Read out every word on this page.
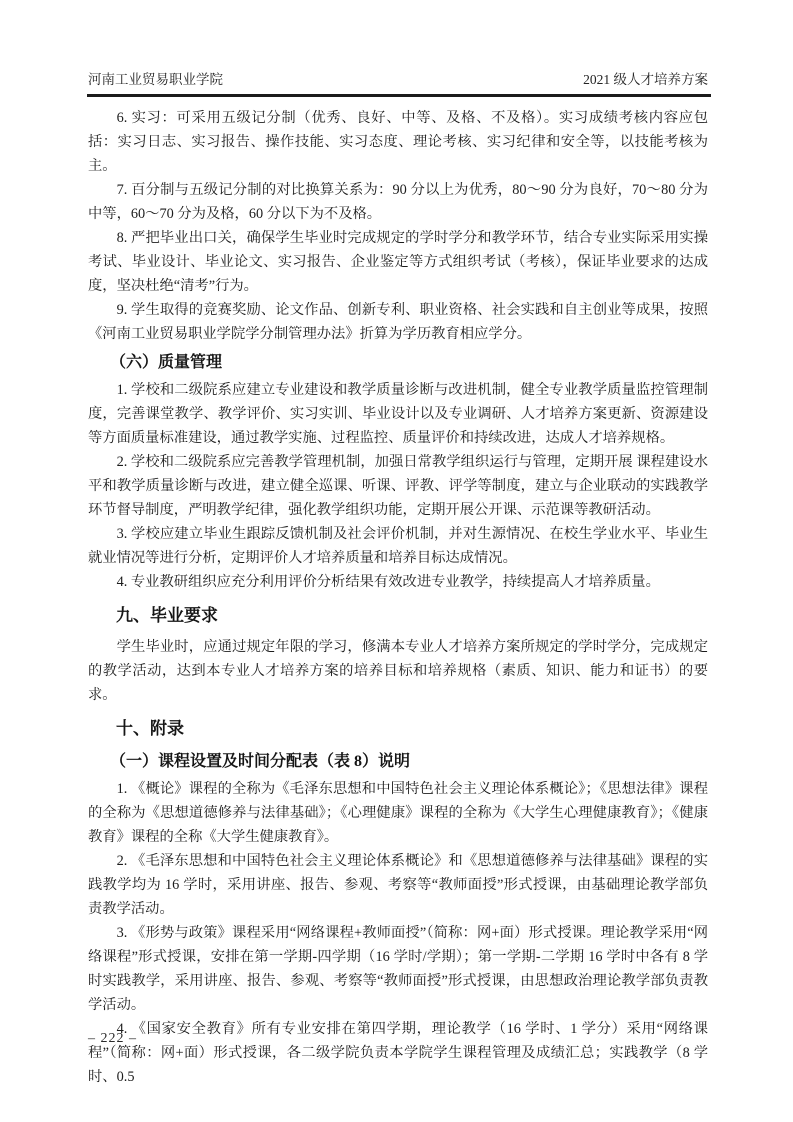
河南工业贸易职业学院	2021 级人才培养方案

6. 实习：可采用五级记分制（优秀、良好、中等、及格、不及格）。实习成绩考核内容应包括：实习日志、实习报告、操作技能、实习态度、理论考核、实习纪律和安全等，以技能考核为主。

7. 百分制与五级记分制的对比换算关系为：90 分以上为优秀，80～90 分为良好，70～80 分为中等，60～70 分为及格，60 分以下为不及格。

8. 严把毕业出口关，确保学生毕业时完成规定的学时学分和教学环节，结合专业实际采用实操考试、毕业设计、毕业论文、实习报告、企业鉴定等方式组织考试（考核），保证毕业要求的达成度，坚决杜绝“清考”行为。

9. 学生取得的竞赛奖励、论文作品、创新专利、职业资格、社会实践和自主创业等成果，按照《河南工业贸易职业学院学分制管理办法》折算为学历教育相应学分。

（六）质量管理

1. 学校和二级院系应建立专业建设和教学质量诊断与改进机制，健全专业教学质量监控管理制度，完善课堂教学、教学评价、实习实训、毕业设计以及专业调研、人才培养方案更新、资源建设等方面质量标准建设，通过教学实施、过程监控、质量评价和持续改进，达成人才培养规格。

2. 学校和二级院系应完善教学管理机制，加强日常教学组织运行与管理，定期开展 课程建设水平和教学质量诊断与改进，建立健全巡课、听课、评教、评学等制度，建立与企业联动的实践教学环节督导制度，严明教学纪律，强化教学组织功能，定期开展公开课、示范课等教研活动。

3. 学校应建立毕业生跟踪反馈机制及社会评价机制，并对生源情况、在校生学业水平、毕业生就业情况等进行分析，定期评价人才培养质量和培养目标达成情况。

4. 专业教研组织应充分利用评价分析结果有效改进专业教学，持续提高人才培养质量。

九、毕业要求

学生毕业时，应通过规定年限的学习，修满本专业人才培养方案所规定的学时学分，完成规定的教学活动，达到本专业人才培养方案的培养目标和培养规格（素质、知识、能力和证书）的要求。

十、附录
（一）课程设置及时间分配表（表 8）说明

1. 《概论》课程的全称为《毛泽东思想和中国特色社会主义理论体系概论》；《思想法律》课程的全称为《思想道德修养与法律基础》；《心理健康》课程的全称为《大学生心理健康教育》；《健康教育》课程的全称《大学生健康教育》。

2. 《毛泽东思想和中国特色社会主义理论体系概论》和《思想道德修养与法律基础》课程的实践教学均为 16 学时，采用讲座、报告、参观、考察等“教师面授”形式授课，由基础理论教学部负责教学活动。

3. 《形势与政策》课程采用“网络课程+教师面授”（简称：网+面）形式授课。理论教学采用“网络课程”形式授课，安排在第一学期-四学期（16 学时/学期）；第一学期-二学期 16 学时中各有 8 学时实践教学，采用讲座、报告、参观、考察等“教师面授”形式授课，由思想政治理论教学部负责教学活动。

4. 《国家安全教育》所有专业安排在第四学期，理论教学（16 学时、1 学分）采用“网络课程”（简称：网+面）形式授课，各二级学院负责本学院学生课程管理及成绩汇总；实践教学（8 学时、0.5

– 222 –
